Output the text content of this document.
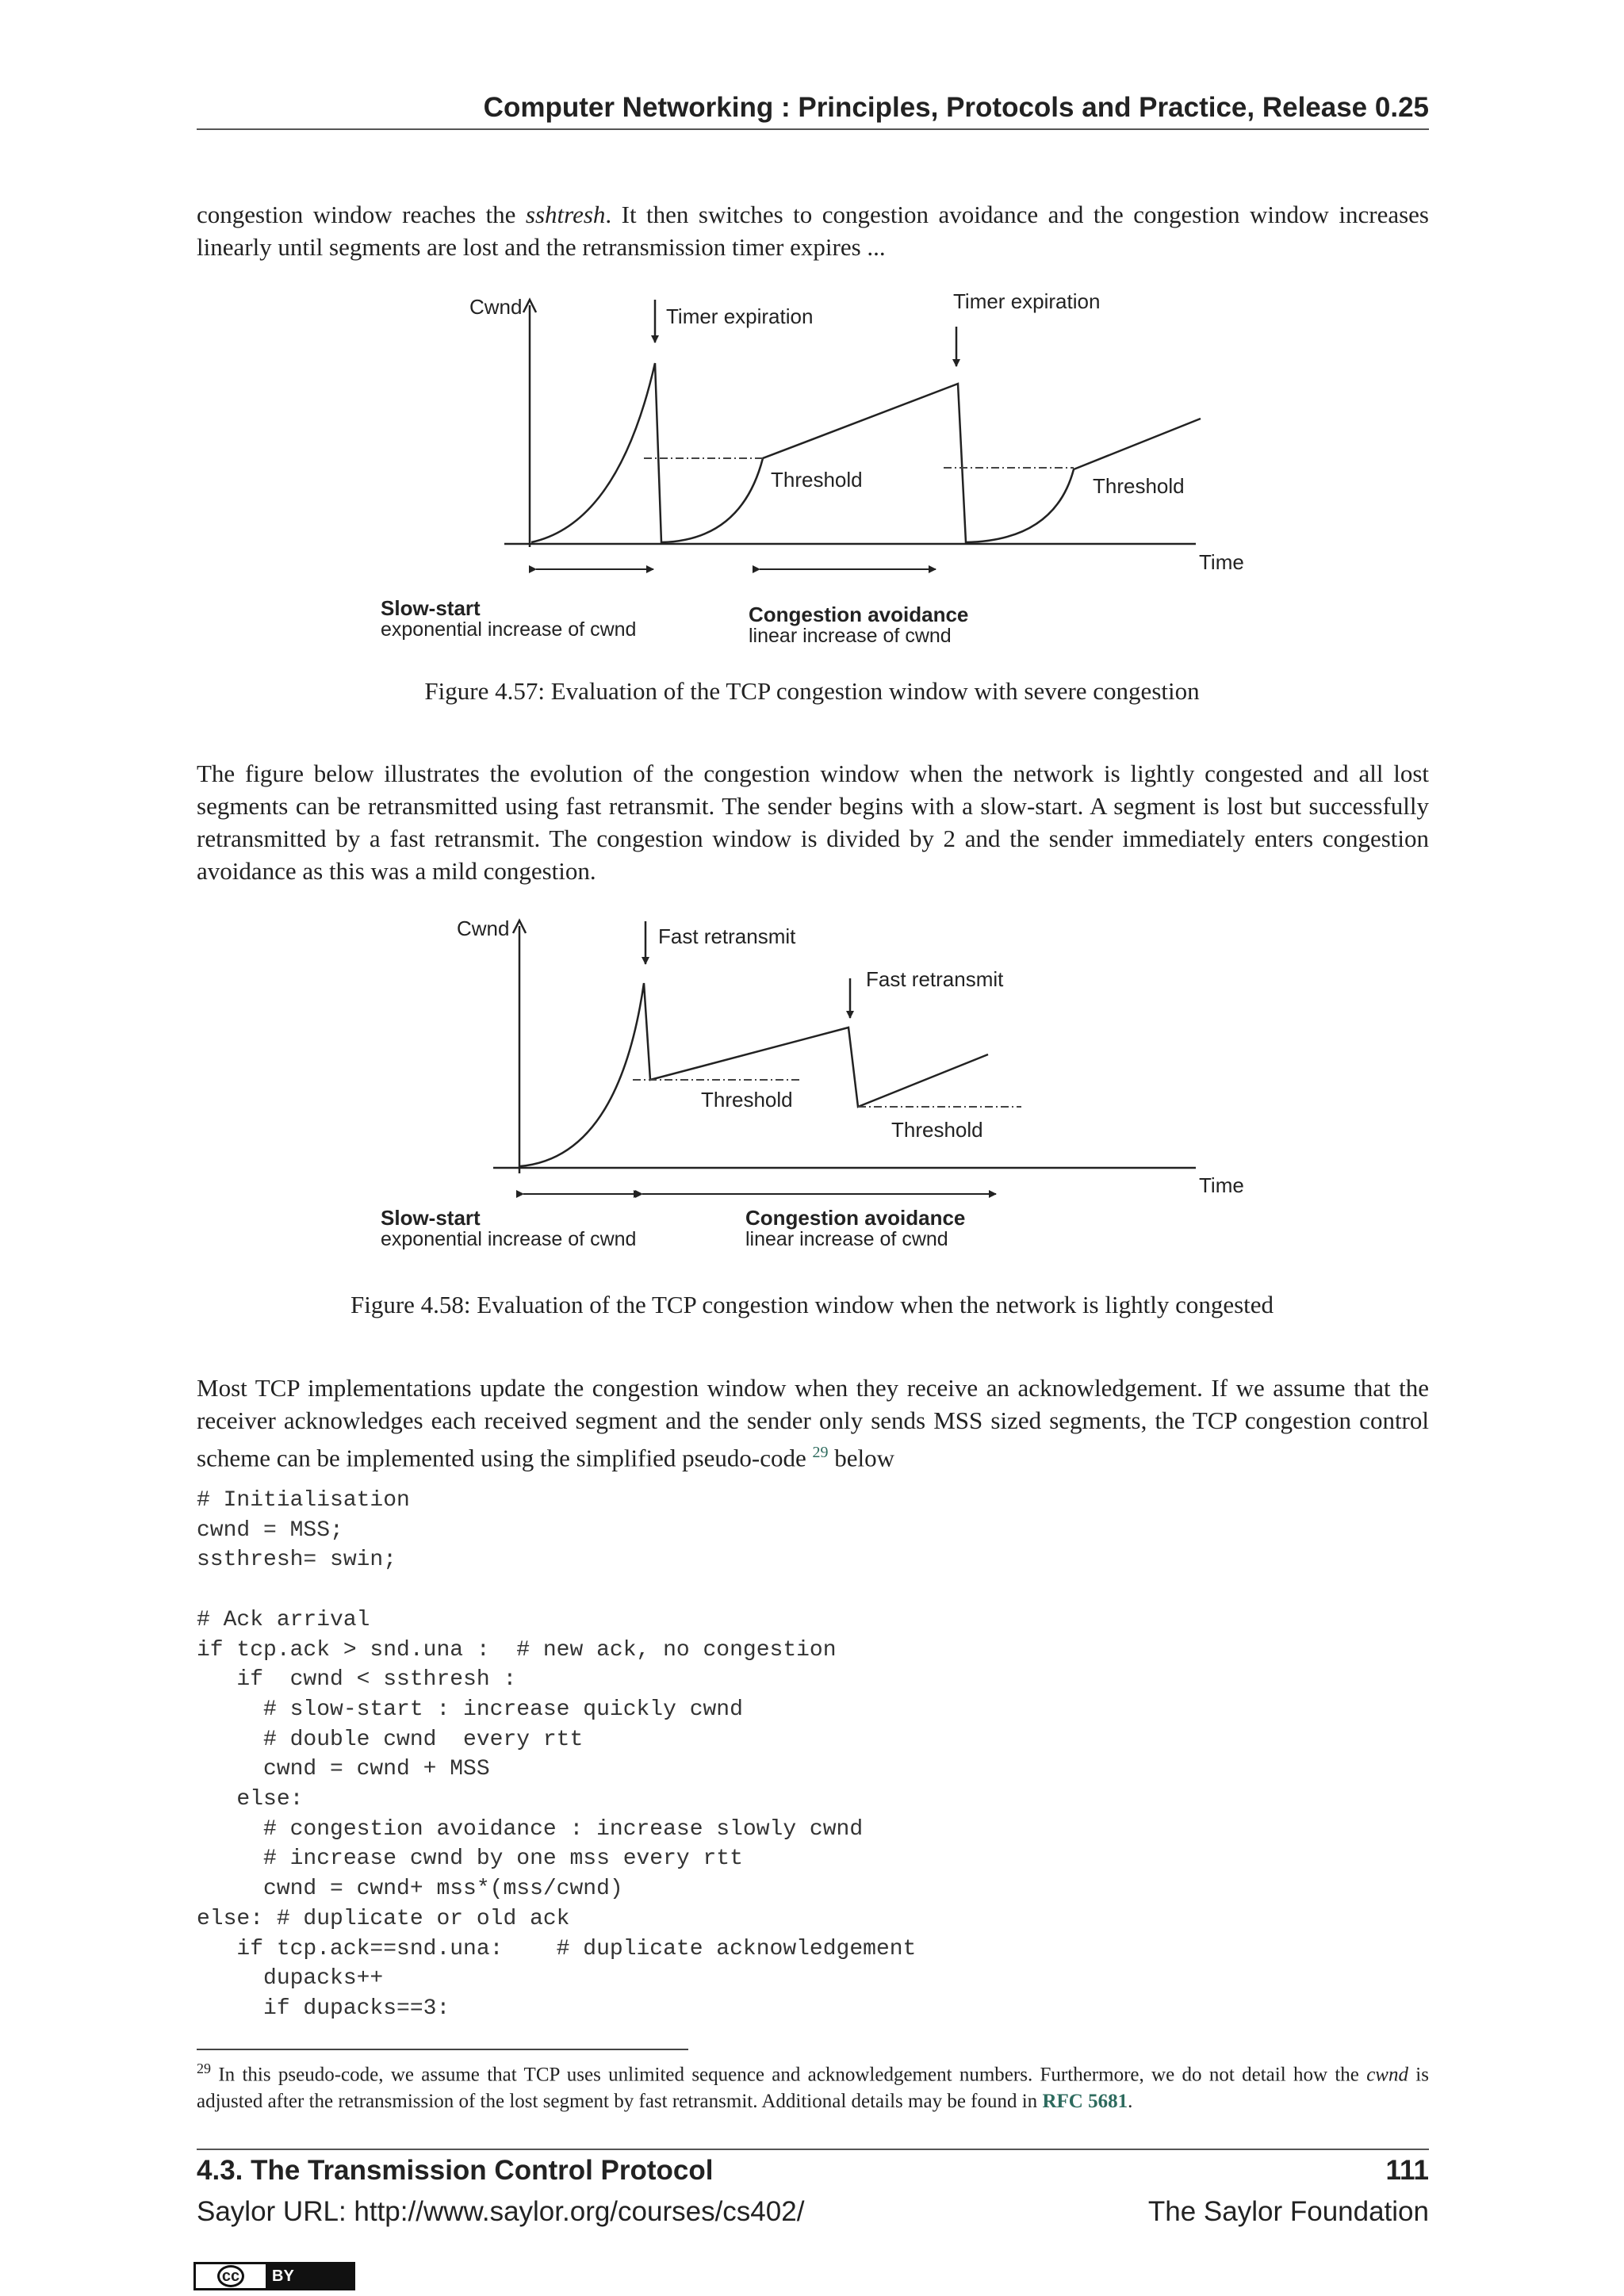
Computer Networking : Principles, Protocols and Practice, Release 0.25

congestion window reaches the sshtresh. It then switches to congestion avoidance and the congestion window increases linearly until segments are lost and the retransmission timer expires ...

Cwnd
Time
Timer expiration
Timer expiration
Threshold	Threshold
Slow-start
exponential increase of cwnd
Congestion avoidance
linear increase of cwnd
Figure 4.57: Evaluation of the TCP congestion window with severe congestion

The figure below illustrates the evolution of the congestion window when the network is lightly congested and all lost segments can be retransmitted using fast retransmit. The sender begins with a slow-start. A segment is lost but successfully retransmitted by a fast retransmit. The congestion window is divided by 2 and the sender immediately enters congestion avoidance as this was a mild congestion.

Cwnd
Time
Fast retransmit
Fast retransmit
Threshold
Threshold
Slow-start
exponential increase of cwnd
Congestion avoidance
linear increase of cwnd
Figure 4.58: Evaluation of the TCP congestion window when the network is lightly congested

Most TCP implementations update the congestion window when they receive an acknowledgement. If we assume that the receiver acknowledges each received segment and the sender only sends MSS sized segments, the TCP congestion control scheme can be implemented using the simplified pseudo-code $^{29}$ below

# Initialisation
cwnd = MSS;
ssthresh= swin;

# Ack arrival
if tcp.ack > snd.una :  # new ack, no congestion
if  cwnd < ssthresh :
# slow-start : increase quickly cwnd
# double cwnd  every rtt
cwnd = cwnd + MSS
else:
# congestion avoidance : increase slowly cwnd
# increase cwnd by one mss every rtt
cwnd = cwnd+ mss*(mss/cwnd)
else: # duplicate or old ack
if tcp.ack==snd.una:    # duplicate acknowledgement
dupacks++
if dupacks==3:
$^{29}$ In this pseudo-code, we assume that TCP uses unlimited sequence and acknowledgement numbers. Furthermore, we do not detail how the cwnd is adjusted after the retransmission of the lost segment by fast retransmit. Additional details may be found in RFC 5681.
4.3. The Transmission Control Protocol	111
Saylor URL: http://www.saylor.org/courses/cs402/	The Saylor Foundation
cc	BY
